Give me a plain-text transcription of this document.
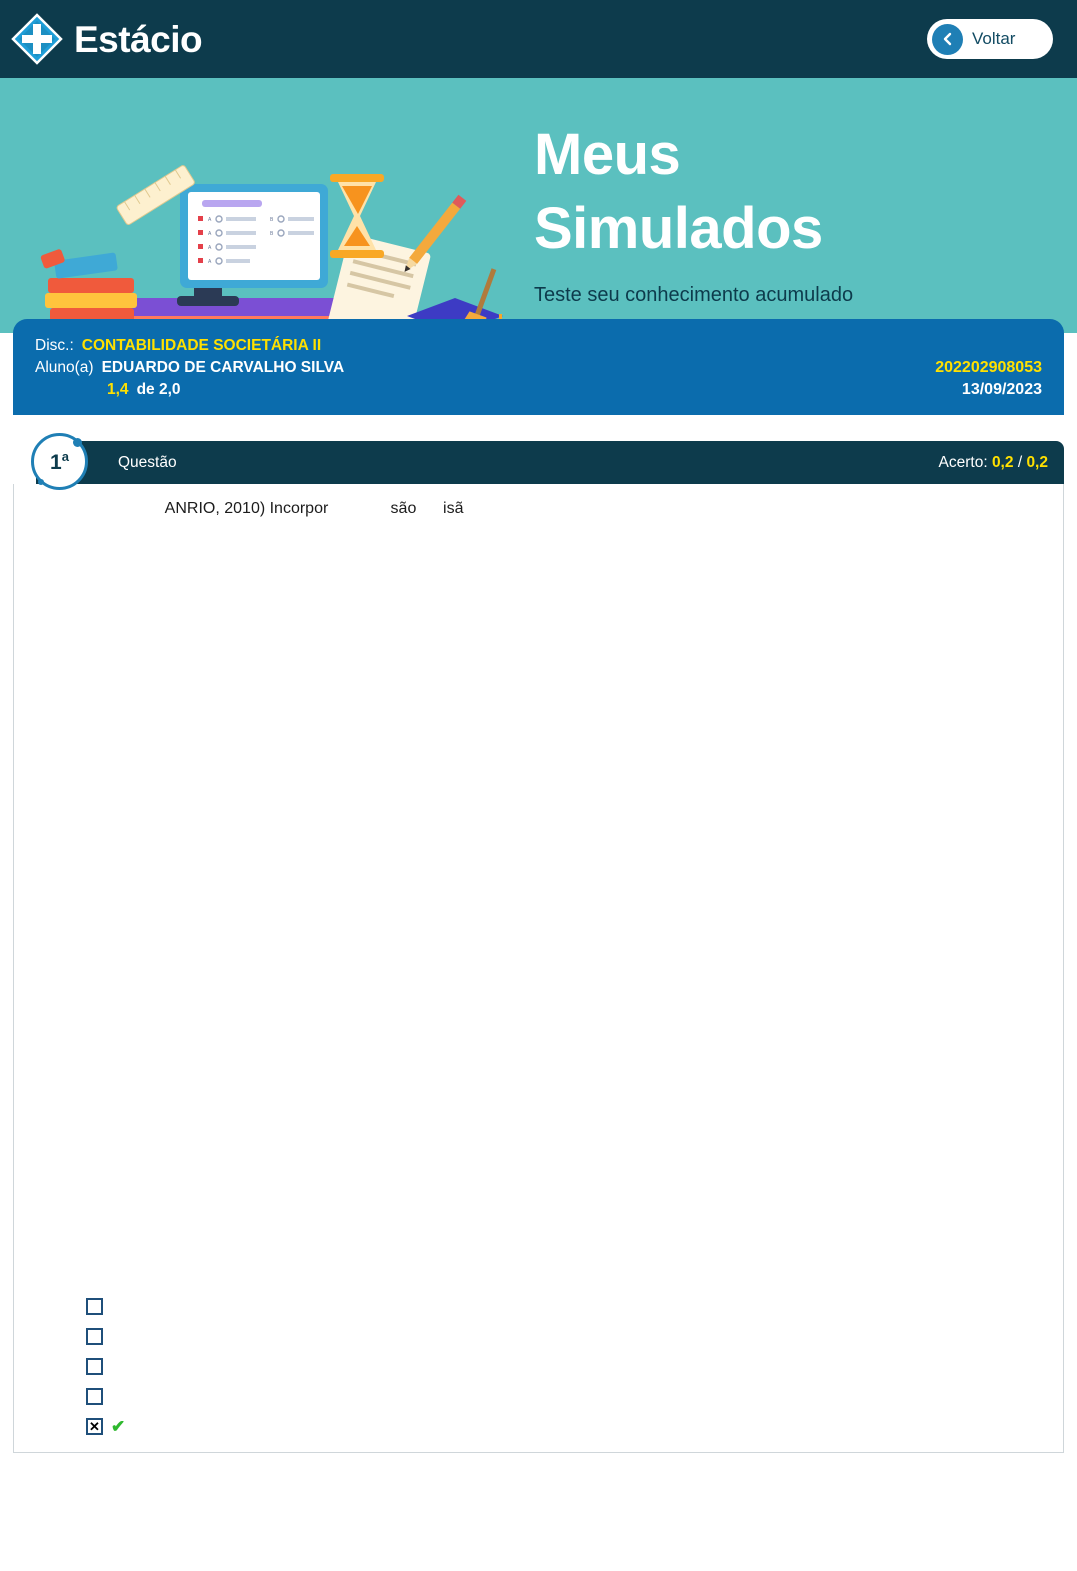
Estácio	Voltar
A
A
A
A
B
B
Meus
Simulados
Teste seu conhecimento acumulado
Disc.: CONTABILIDADE SOCIETÁRIA II
Aluno(a) EDUARDO DE CARVALHO SILVA	202202908053
1,4 de 2,0	13/09/2023
1$^a$	Questão	Acerto: 0,2 / 0,2
ANRIO, 2010) Incorpor              são      isã
✕
✔
